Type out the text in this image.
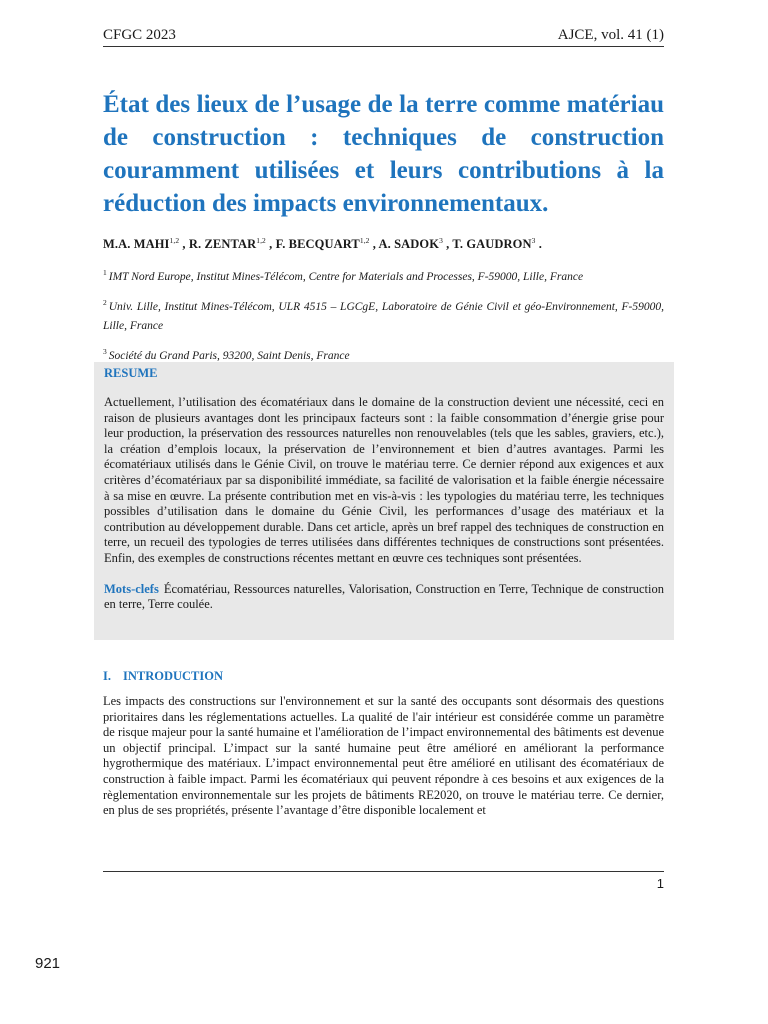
CFGC 2023	AJCE, vol. 41 (1)
État des lieux de l’usage de la terre comme matériau de construction : techniques de construction couramment utilisées et leurs contributions à la réduction des impacts environnementaux.
M.A. MAHI$^{1,2}$ , R. ZENTAR$^{1,2}$ , F. BECQUART$^{1,2}$ , A. SADOK$^3$ , T. GAUDRON$^3$ .

$^1$ IMT Nord Europe, Institut Mines-Télécom, Centre for Materials and Processes, F-59000, Lille, France

$^2$ Univ. Lille, Institut Mines-Télécom, ULR 4515 – LGCgE, Laboratoire de Génie Civil et géo-Environnement, F-59000, Lille, France

$^3$ Société du Grand Paris, 93200, Saint Denis, France

RESUME

Actuellement, l’utilisation des écomatériaux dans le domaine de la construction devient une nécessité, ceci en raison de plusieurs avantages dont les principaux facteurs sont : la faible consommation d’énergie grise pour leur production, la préservation des ressources naturelles non renouvelables (tels que les sables, graviers, etc.), la création d’emplois locaux, la préservation de l’environnement et bien d’autres avantages. Parmi les écomatériaux utilisés dans le Génie Civil, on trouve le matériau terre. Ce dernier répond aux exigences et aux critères d’écomatériaux par sa disponibilité immédiate, sa facilité de valorisation et la faible énergie nécessaire à sa mise en œuvre. La présente contribution met en vis-à-vis : les typologies du matériau terre, les techniques possibles d’utilisation dans le domaine du Génie Civil, les performances d’usage des matériaux et la contribution au développement durable. Dans cet article, après un bref rappel des techniques de construction en terre, un recueil des typologies de terres utilisées dans différentes techniques de constructions sont présentées. Enfin, des exemples de constructions récentes mettant en œuvre ces techniques sont présentées.

Mots-clefs Écomatériau, Ressources naturelles, Valorisation, Construction en Terre, Technique de construction en terre, Terre coulée.

I. INTRODUCTION

Les impacts des constructions sur l'environnement et sur la santé des occupants sont désormais des questions prioritaires dans les réglementations actuelles. La qualité de l'air intérieur est considérée comme un paramètre de risque majeur pour la santé humaine et l'amélioration de l’impact environnemental des bâtiments est devenue un objectif principal. L’impact sur la santé humaine peut être amélioré en améliorant la performance hygrothermique des matériaux. L’impact environnemental peut être amélioré en utilisant des écomatériaux de construction à faible impact. Parmi les écomatériaux qui peuvent répondre à ces besoins et aux exigences de la règlementation environnementale sur les projets de bâtiments RE2020, on trouve le matériau terre. Ce dernier, en plus de ses propriétés, présente l’avantage d’être disponible localement et

1
921
